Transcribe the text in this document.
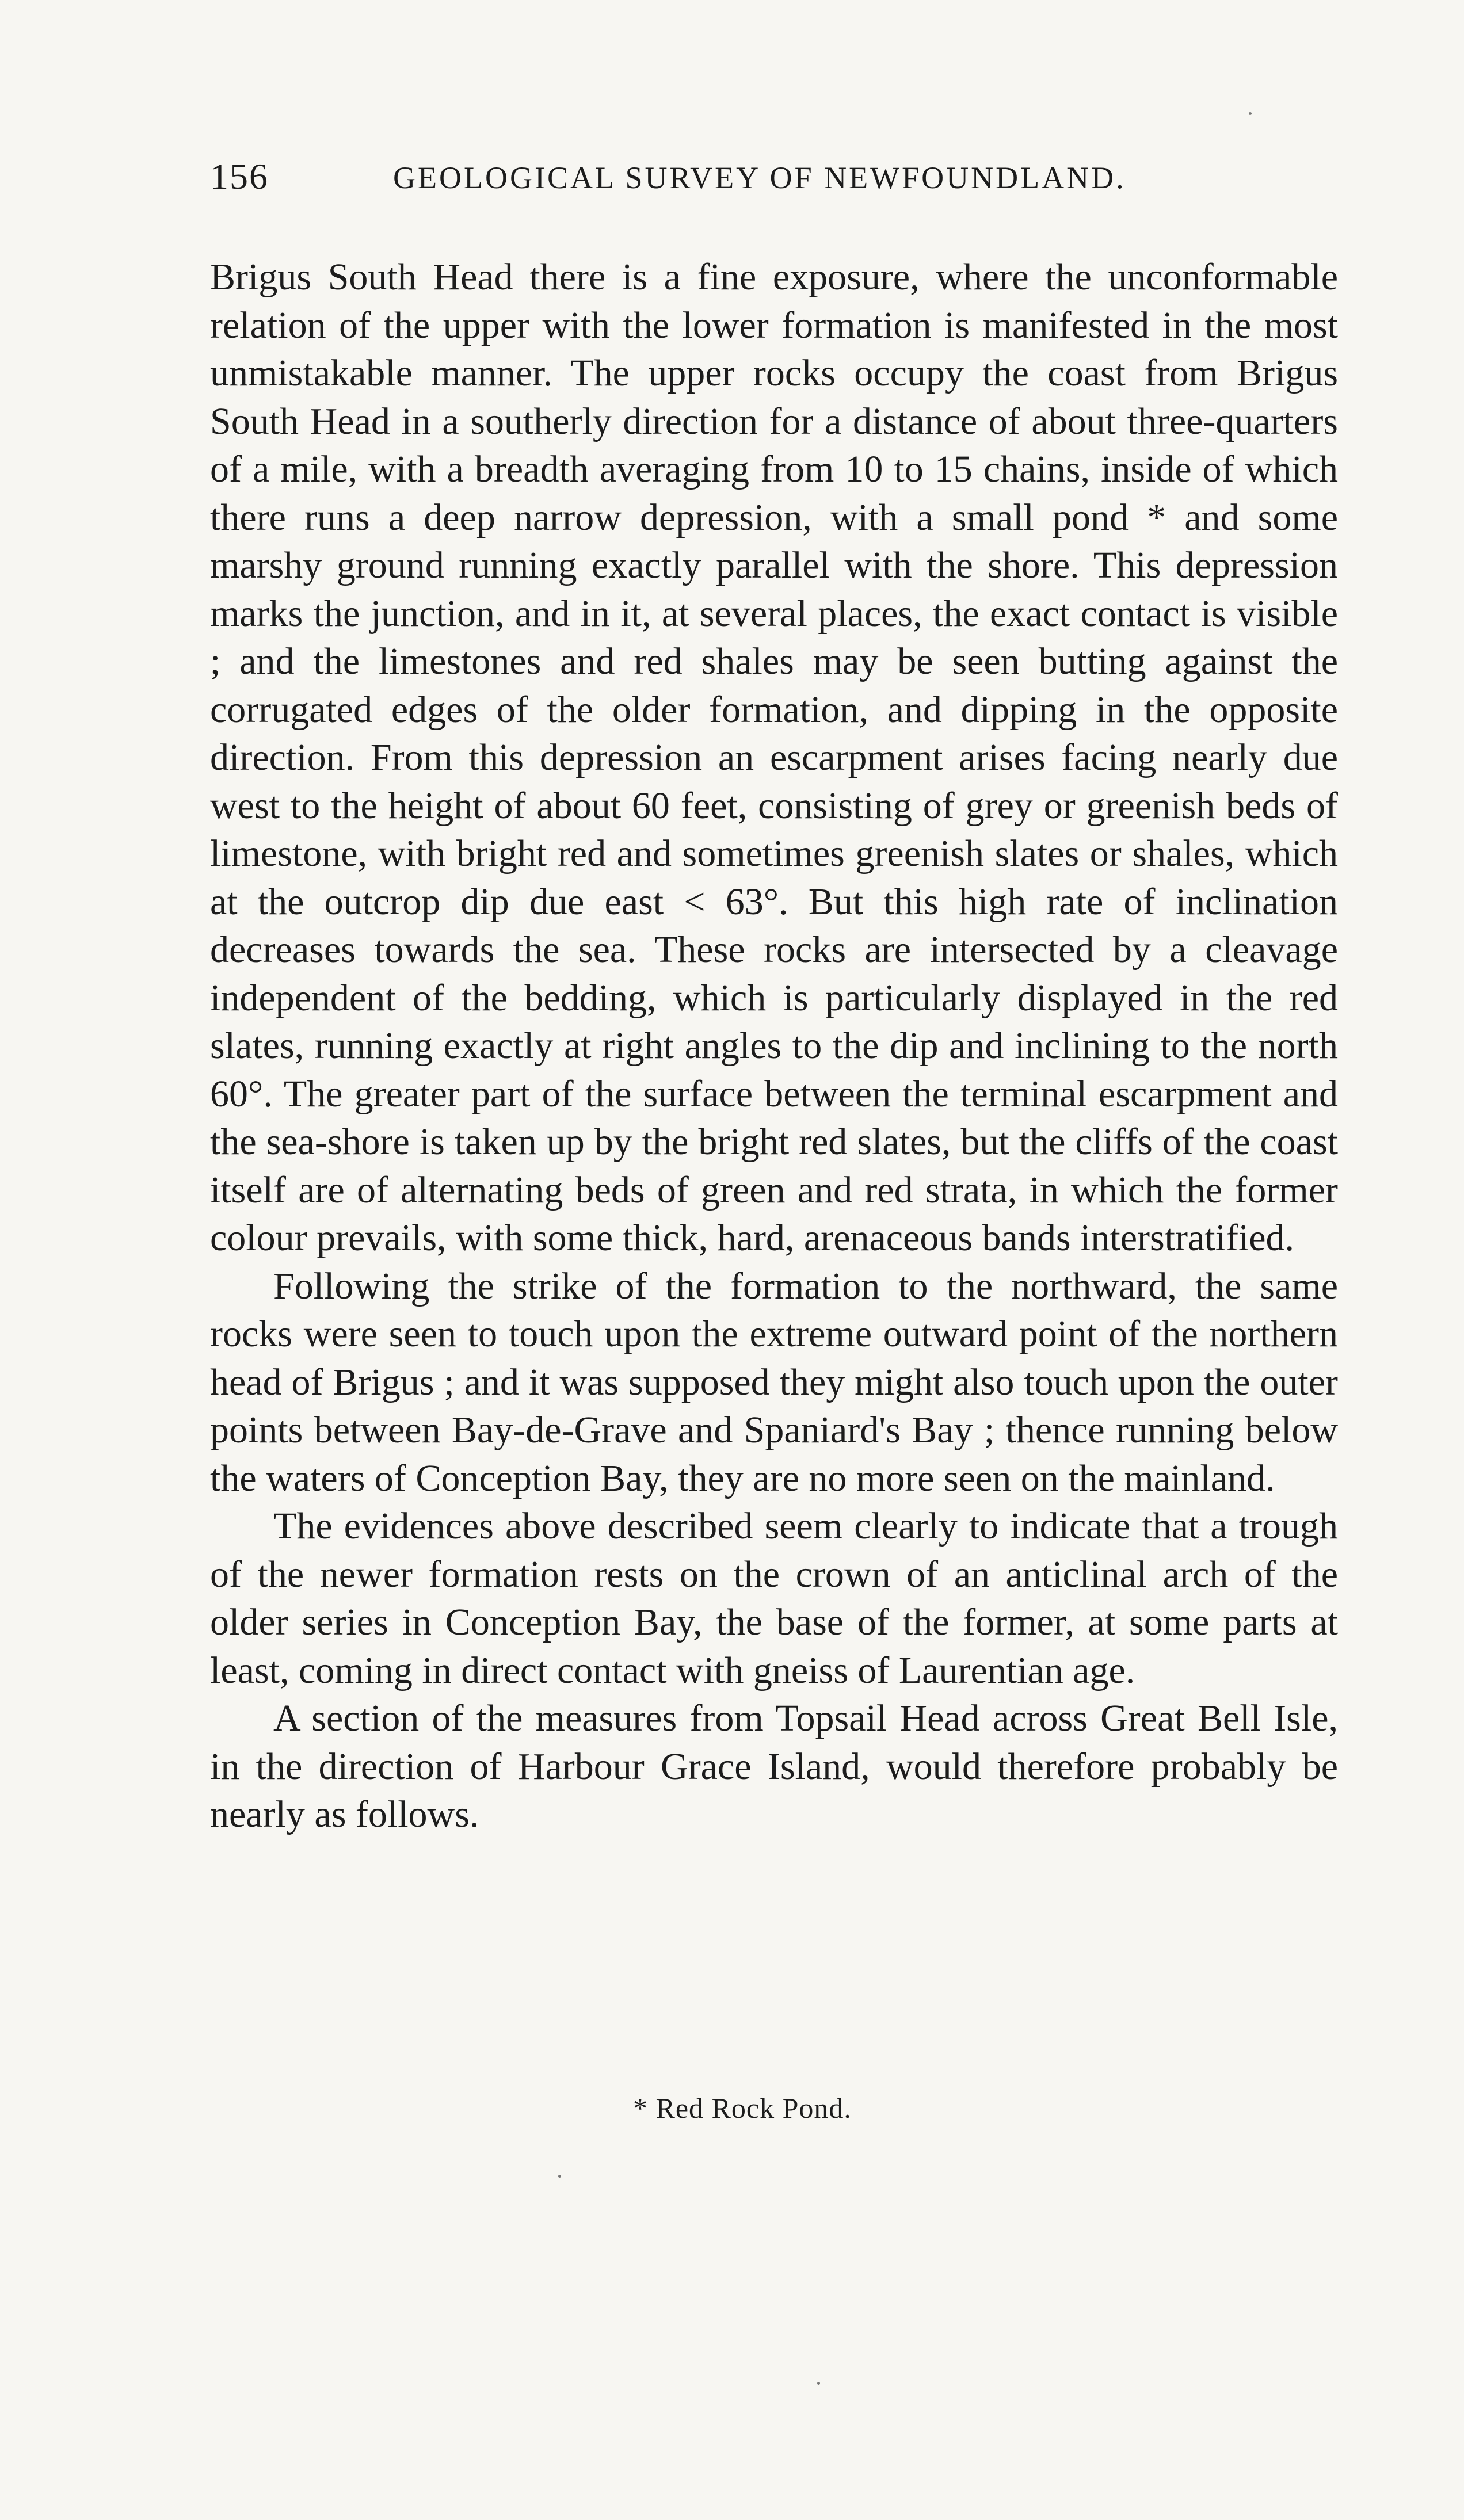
156	GEOLOGICAL SURVEY OF NEWFOUNDLAND.

Brigus South Head there is a fine exposure, where the unconformable relation of the upper with the lower formation is manifested in the most unmistakable manner. The upper rocks occupy the coast from Brigus South Head in a southerly direction for a distance of about three-quarters of a mile, with a breadth averaging from 10 to 15 chains, inside of which there runs a deep narrow depression, with a small pond * and some marshy ground running exactly parallel with the shore. This depression marks the junction, and in it, at several places, the exact contact is visible ; and the limestones and red shales may be seen butting against the corrugated edges of the older formation, and dipping in the opposite direction. From this depression an escarpment arises facing nearly due west to the height of about 60 feet, consisting of grey or greenish beds of limestone, with bright red and sometimes greenish slates or shales, which at the outcrop dip due east < 63°. But this high rate of inclination decreases towards the sea. These rocks are intersected by a cleavage independent of the bedding, which is particularly displayed in the red slates, running exactly at right angles to the dip and inclining to the north 60°. The greater part of the surface between the terminal escarpment and the sea-shore is taken up by the bright red slates, but the cliffs of the coast itself are of alternating beds of green and red strata, in which the former colour prevails, with some thick, hard, arenaceous bands interstratified.

Following the strike of the formation to the northward, the same rocks were seen to touch upon the extreme outward point of the northern head of Brigus ; and it was supposed they might also touch upon the outer points between Bay-de-Grave and Spaniard's Bay ; thence running below the waters of Conception Bay, they are no more seen on the mainland.

The evidences above described seem clearly to indicate that a trough of the newer formation rests on the crown of an anticlinal arch of the older series in Conception Bay, the base of the former, at some parts at least, coming in direct contact with gneiss of Laurentian age.

A section of the measures from Topsail Head across Great Bell Isle, in the direction of Harbour Grace Island, would therefore probably be nearly as follows.

* Red Rock Pond.
